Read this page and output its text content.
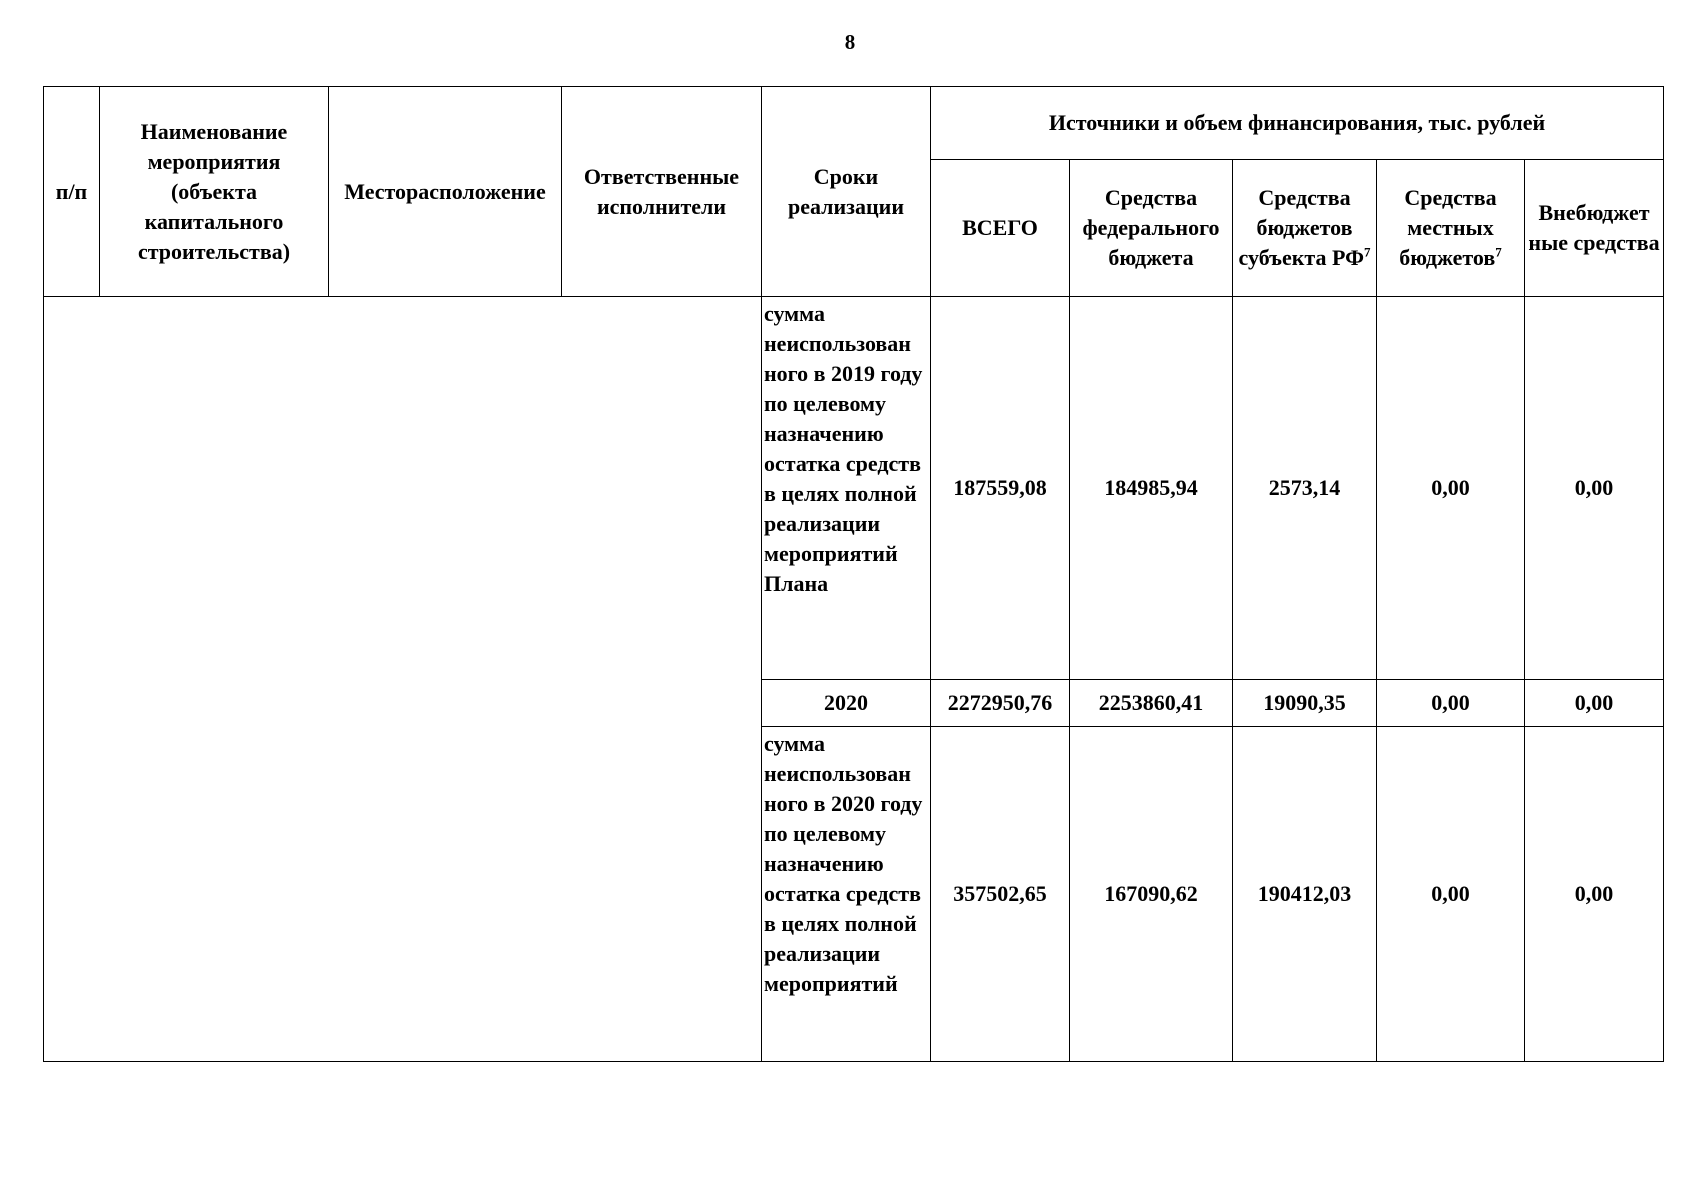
8
п/п	Наименование мероприятия (объекта капитального строительства)	Месторасположение	Ответственные исполнители	Сроки реализации	Источники и объем финансирования, тыс. рублей				

					ВСЕГО	Средства федерального бюджета	Средства бюджетов субъекта $РФ^7$	Средства местных бюджетов$^7$	Внебюджет ные средства

				сумма неиспользован ного в 2019 году по целевому назначению остатка средств в целях полной реализации мероприятий Плана	187559,08	184985,94	2573,14	0,00	0,00
				2020	2272950,76	2253860,41	19090,35	0,00	0,00
				сумма неиспользован ного в 2020 году по целевому назначению остатка средств в целях полной реализации мероприятий	357502,65	167090,62	190412,03	0,00	0,00
